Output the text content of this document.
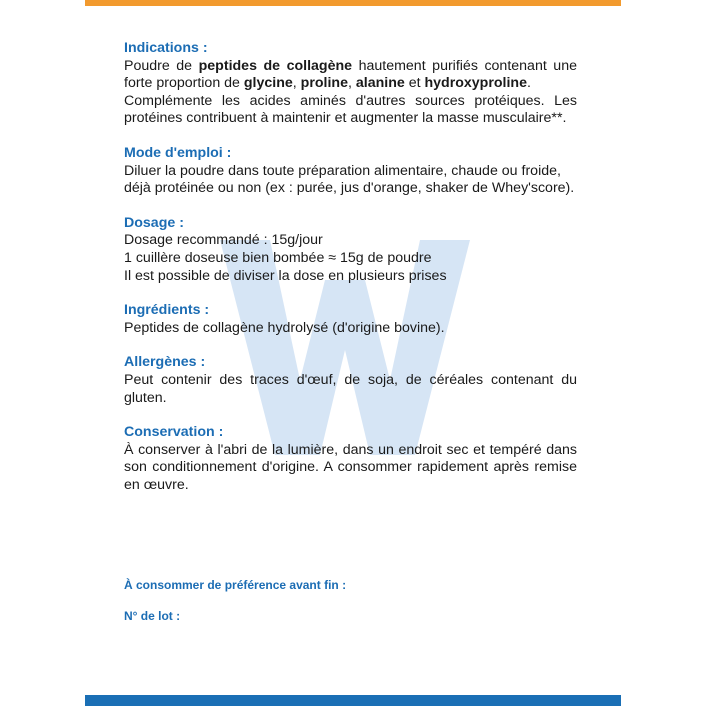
Indications :
Poudre de peptides de collagène hautement purifiés contenant une forte proportion de glycine, proline, alanine et hydroxyproline.
Complémente les acides aminés d'autres sources protéiques. Les protéines contribuent à maintenir et augmenter la masse musculaire**.
Mode d'emploi :
Diluer la poudre dans toute préparation alimentaire, chaude ou froide, déjà protéinée ou non (ex : purée, jus d'orange, shaker de Whey'score).
Dosage :
Dosage recommandé : 15g/jour
1 cuillère doseuse bien bombée ≈ 15g de poudre
Il est possible de diviser la dose en plusieurs prises
Ingrédients :
Peptides de collagène hydrolysé (d'origine bovine).
Allergènes :
Peut contenir des traces d'œuf, de soja, de céréales contenant du gluten.
Conservation :
À conserver à l'abri de la lumière, dans un endroit sec et tempéré dans son conditionnement d'origine. A consommer rapidement après remise en œuvre.
À consommer de préférence avant fin :
N° de lot :
